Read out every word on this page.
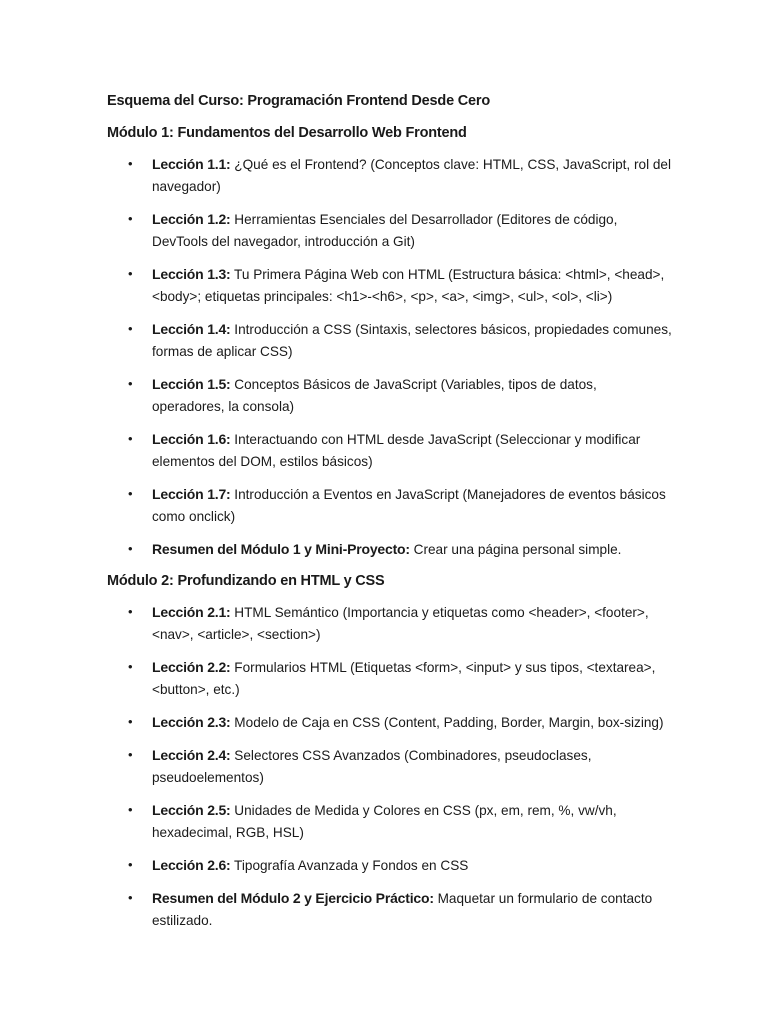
Esquema del Curso: Programación Frontend Desde Cero

Módulo 1: Fundamentos del Desarrollo Web Frontend

• Lección 1.1: ¿Qué es el Frontend? (Conceptos clave: HTML, CSS, JavaScript, rol del navegador)
• Lección 1.2: Herramientas Esenciales del Desarrollador (Editores de código, DevTools del navegador, introducción a Git)
• Lección 1.3: Tu Primera Página Web con HTML (Estructura básica: <html>, <head>, <body>; etiquetas principales: <h1>-<h6>, <p>, <a>, <img>, <ul>, <ol>, <li>)
• Lección 1.4: Introducción a CSS (Sintaxis, selectores básicos, propiedades comunes, formas de aplicar CSS)
• Lección 1.5: Conceptos Básicos de JavaScript (Variables, tipos de datos, operadores, la consola)
• Lección 1.6: Interactuando con HTML desde JavaScript (Seleccionar y modificar elementos del DOM, estilos básicos)
• Lección 1.7: Introducción a Eventos en JavaScript (Manejadores de eventos básicos como onclick)
• Resumen del Módulo 1 y Mini-Proyecto: Crear una página personal simple.

Módulo 2: Profundizando en HTML y CSS

• Lección 2.1: HTML Semántico (Importancia y etiquetas como <header>, <footer>, <nav>, <article>, <section>)
• Lección 2.2: Formularios HTML (Etiquetas <form>, <input> y sus tipos, <textarea>, <button>, etc.)
• Lección 2.3: Modelo de Caja en CSS (Content, Padding, Border, Margin, box-sizing)
• Lección 2.4: Selectores CSS Avanzados (Combinadores, pseudoclases, pseudoelementos)
• Lección 2.5: Unidades de Medida y Colores en CSS (px, em, rem, %, vw/vh, hexadecimal, RGB, HSL)
• Lección 2.6: Tipografía Avanzada y Fondos en CSS
• Resumen del Módulo 2 y Ejercicio Práctico: Maquetar un formulario de contacto estilizado.
